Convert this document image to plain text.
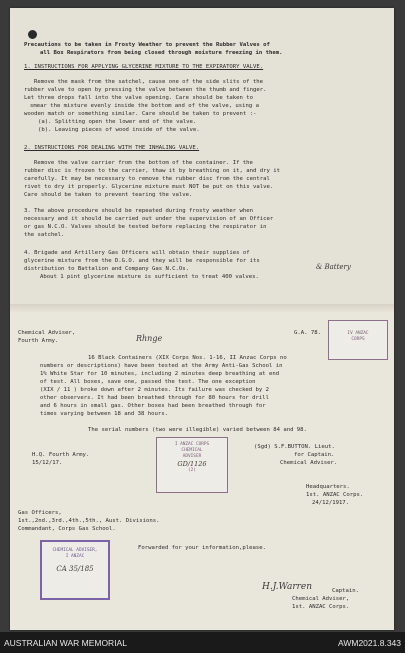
Precautions to be taken in Frosty Weather to prevent the Rubber Valves of
all Box Respirators from being closed through moisture freezing in them.
1. INSTRUCTIONS FOR APPLYING GLYCERINE MIXTURE TO THE EXPIRATORY VALVE.
Remove the mask from the satchel, cause one of the side slits of the
rubber valve to open by pressing the valve between the thumb and finger.
Let three drops fall into the valve opening. Care should be taken to
smear the mixture evenly inside the bottom and of the valve, using a
wooden match or something similar. Care should be taken to prevent :-
(a). Splitting open the lower end of the valve.
(b). Leaving pieces of wood inside of the valve.
2. INSTRUCTIONS FOR DEALING WITH THE INHALING VALVE.
Remove the valve carrier from the bottom of the container. If the
rubber disc is frozen to the carrier, thaw it by breathing on it, and dry it
carefully. It may be necessary to remove the rubber disc from the central
rivet to dry it properly. Glycerine mixture must NOT be put on this valve.
Care should be taken to prevent tearing the valve.
3. The above procedure should be repeated during frosty weather when
necessary and it should be carried out under the supervision of an Officer
or gas N.C.O. Valves should be tested before replacing the respirator in
the satchel.
4. Brigade and Artillery Gas Officers will obtain their supplies of
glycerine mixture from the D.G.O. and they will be responsible for its
distribution to Battalion and Company Gas N.C.Os.	& Battery
About 1 pint glycerine mixture is sufficient to treat 400 valves.
Chemical Adviser,
Fourth Army.	Rhnge
G.A. 78.	IV ANZAC
CORPS
16 Black Containers (XIX Corps Nos. 1-16, II Anzac Corps no
numbers or descriptions) have been tested at the Army Anti-Gas School in
1% White Star for 10 minutes, including 2 minutes deep breathing at end
of test. All boxes, save one, passed the test. The one exception
(XIX / 11 ) broke down after 2 minutes. Its failure was checked by 2
other observers. It had been breathed through for 80 hours for drill
and 6 hours in small gas. Other boxes had been breathed through for
times varying between 18 and 38 hours.
The serial numbers (two were illegible) varied between 84 and 98.
(Sgd) S.F.BUTTON. Lieut.
for Captain.
Chemical Adviser.
H.Q. Fourth Army.
15/12/17.
I ANZAC CORPS
CHEMICAL
ADVISER
GD/1126
(2)
Headquarters.
1st. ANZAC Corps.
24/12/1917.
Gas Officers,
1st.,2nd.,3rd.,4th.,5th., Aust. Divisions.
Commandant, Corps Gas School.
CHEMICAL ADVISER,
I ANZAC
CA 35/185
Forwarded for your information,please.
H.J.Warren	Captain.
Chemical Adviser,
1st. ANZAC Corps.
AUSTRALIAN WAR MEMORIAL	AWM2021.8.343
